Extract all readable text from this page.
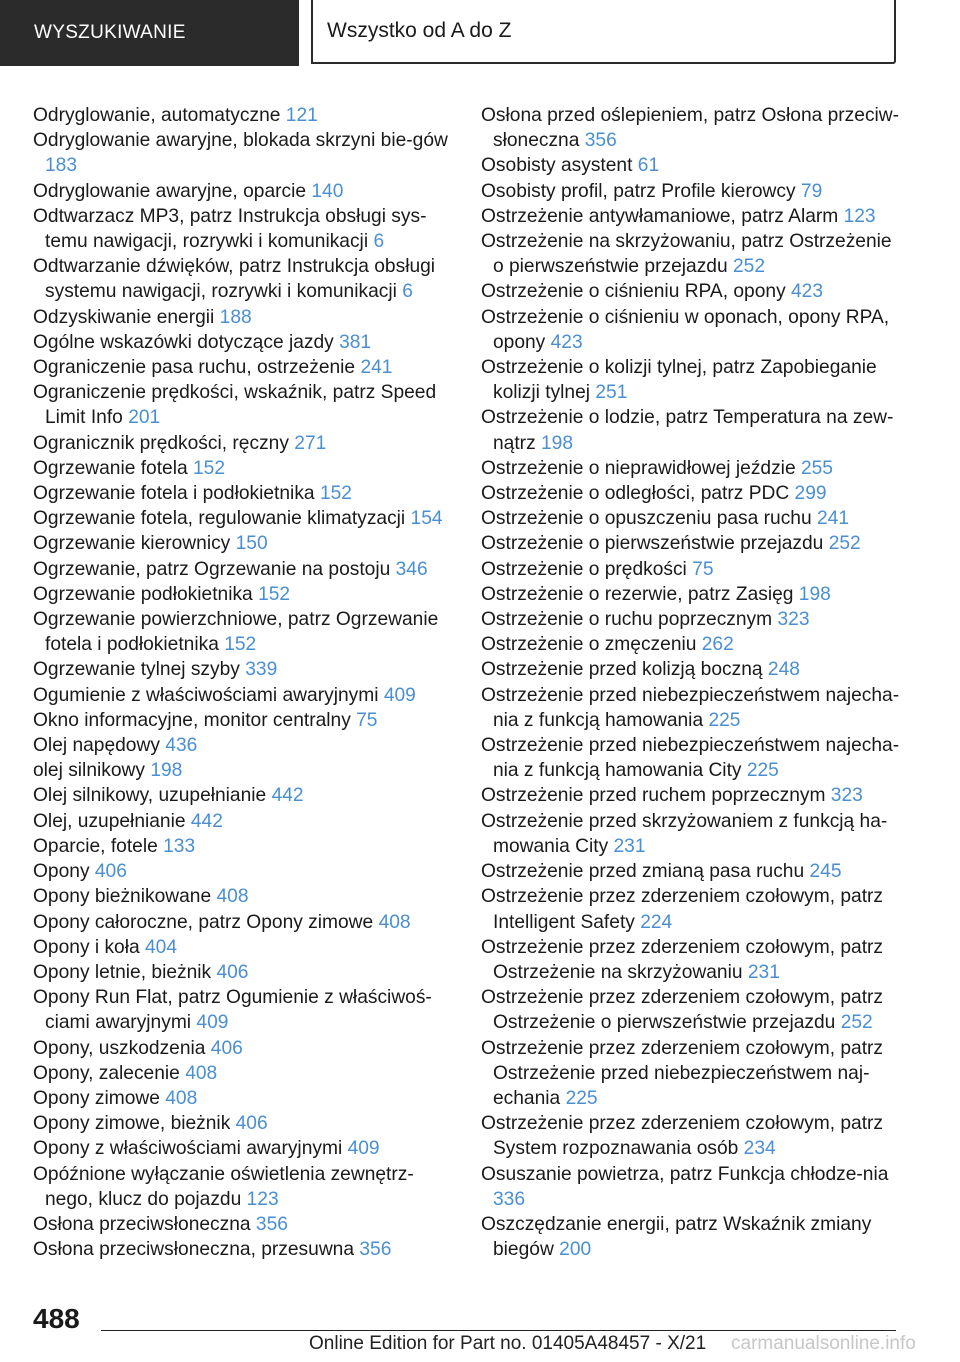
WYSZUKIWANIE	Wszystko od A do Z
Odryglowanie, automatyczne 121
Odryglowanie awaryjne, blokada skrzyni bie-gów 183
Odryglowanie awaryjne, oparcie 140
Odtwarzacz MP3, patrz Instrukcja obsługi sys-temu nawigacji, rozrywki i komunikacji 6
Odtwarzanie dźwięków, patrz Instrukcja obsługi systemu nawigacji, rozrywki i komunikacji 6
Odzyskiwanie energii 188
Ogólne wskazówki dotyczące jazdy 381
Ograniczenie pasa ruchu, ostrzeżenie 241
Ograniczenie prędkości, wskaźnik, patrz Speed Limit Info 201
Ogranicznik prędkości, ręczny 271
Ogrzewanie fotela 152
Ogrzewanie fotela i podłokietnika 152
Ogrzewanie fotela, regulowanie klimatyzacji 154
Ogrzewanie kierownicy 150
Ogrzewanie, patrz Ogrzewanie na postoju 346
Ogrzewanie podłokietnika 152
Ogrzewanie powierzchniowe, patrz Ogrzewanie fotela i podłokietnika 152
Ogrzewanie tylnej szyby 339
Ogumienie z właściwościami awaryjnymi 409
Okno informacyjne, monitor centralny 75
Olej napędowy 436
olej silnikowy 198
Olej silnikowy, uzupełnianie 442
Olej, uzupełnianie 442
Oparcie, fotele 133
Opony 406
Opony bieżnikowane 408
Opony całoroczne, patrz Opony zimowe 408
Opony i koła 404
Opony letnie, bieżnik 406
Opony Run Flat, patrz Ogumienie z właściwoś-ciami awaryjnymi 409
Opony, uszkodzenia 406
Opony, zalecenie 408
Opony zimowe 408
Opony zimowe, bieżnik 406
Opony z właściwościami awaryjnymi 409
Opóźnione wyłączanie oświetlenia zewnętrz-nego, klucz do pojazdu 123
Osłona przeciwsłoneczna 356
Osłona przeciwsłoneczna, przesuwna 356
Osłona przed oślepieniem, patrz Osłona przeciw-słoneczna 356
Osobisty asystent 61
Osobisty profil, patrz Profile kierowcy 79
Ostrzeżenie antywłamaniowe, patrz Alarm 123
Ostrzeżenie na skrzyżowaniu, patrz Ostrzeżenie o pierwszeństwie przejazdu 252
Ostrzeżenie o ciśnieniu RPA, opony 423
Ostrzeżenie o ciśnieniu w oponach, opony RPA, opony 423
Ostrzeżenie o kolizji tylnej, patrz Zapobieganie kolizji tylnej 251
Ostrzeżenie o lodzie, patrz Temperatura na zew-nątrz 198
Ostrzeżenie o nieprawidłowej jeździe 255
Ostrzeżenie o odległości, patrz PDC 299
Ostrzeżenie o opuszczeniu pasa ruchu 241
Ostrzeżenie o pierwszeństwie przejazdu 252
Ostrzeżenie o prędkości 75
Ostrzeżenie o rezerwie, patrz Zasięg 198
Ostrzeżenie o ruchu poprzecznym 323
Ostrzeżenie o zmęczeniu 262
Ostrzeżenie przed kolizją boczną 248
Ostrzeżenie przed niebezpieczeństwem najecha-nia z funkcją hamowania 225
Ostrzeżenie przed niebezpieczeństwem najecha-nia z funkcją hamowania City 225
Ostrzeżenie przed ruchem poprzecznym 323
Ostrzeżenie przed skrzyżowaniem z funkcją ha-mowania City 231
Ostrzeżenie przed zmianą pasa ruchu 245
Ostrzeżenie przez zderzeniem czołowym, patrz Intelligent Safety 224
Ostrzeżenie przez zderzeniem czołowym, patrz Ostrzeżenie na skrzyżowaniu 231
Ostrzeżenie przez zderzeniem czołowym, patrz Ostrzeżenie o pierwszeństwie przejazdu 252
Ostrzeżenie przez zderzeniem czołowym, patrz Ostrzeżenie przed niebezpieczeństwem naj-echania 225
Ostrzeżenie przez zderzeniem czołowym, patrz System rozpoznawania osób 234
Osuszanie powietrza, patrz Funkcja chłodze-nia 336
Oszczędzanie energii, patrz Wskaźnik zmiany biegów 200
488
Online Edition for Part no. 01405A48457 - X/21 carmanualsonline.info
